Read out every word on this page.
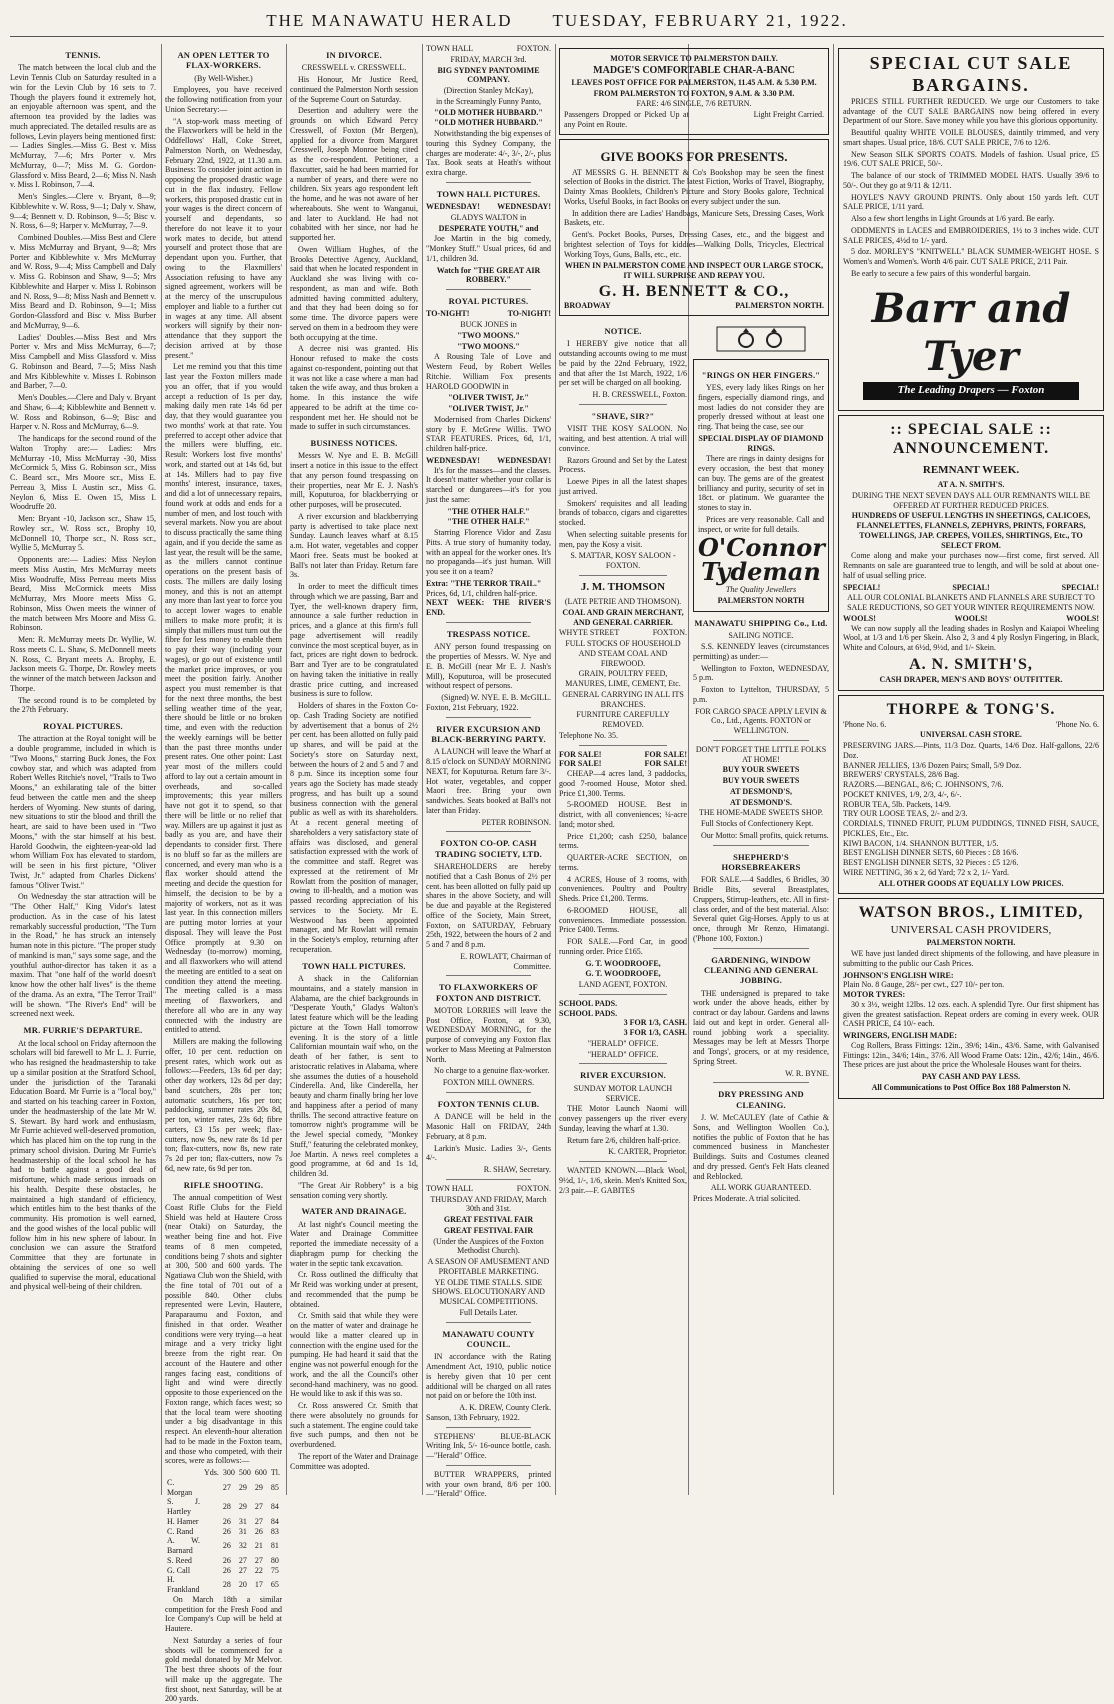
THE MANAWATU HERALD TUESDAY, FEBRUARY 21, 1922.
TENNIS.

The match between the local club and the Levin Tennis Club on Saturday resulted in a win for the Levin Club by 16 sets to 7. Though the players found it extremely hot, an enjoyable afternoon was spent, and the afternoon tea provided by the ladies was much appreciated. The detailed results are as follows, Levin players being mentioned first:— Ladies Singles.—Miss G. Best v. Miss McMurray, 7—6; Mrs Porter v. Mrs McMurray, 0—7; Miss M. G. Gordon-Glassford v. Miss Beard, 2—6; Miss N. Nash v. Miss I. Robinson, 7—4.

Men's Singles.—Clere v. Bryant, 8—9; Kibblewhite v. W. Ross, 9—1; Daly v. Shaw, 9—4; Bennett v. D. Robinson, 9—5; Bisc v. N. Ross, 6—9; Harper v. McMurray, 7—9.

Combined Doubles.—Miss Best and Clere v. Miss McMurray and Bryant, 9—8; Mrs Porter and Kibblewhite v. Mrs McMurray and W. Ross, 9—4; Miss Campbell and Daly v. Miss G. Robinson and Shaw, 9—5; Mrs Kibblewhite and Harper v. Miss I. Robinson and N. Ross, 9—8; Miss Nash and Bennett v. Miss Beard and D. Robinson, 9—1; Miss Gordon-Glassford and Bisc v. Miss Burber and McMurray, 9—6.

Ladies' Doubles.—Miss Best and Mrs Porter v. Mrs and Miss McMurray, 6—7; Miss Campbell and Miss Glassford v. Miss G. Robinson and Beard, 7—5; Miss Nash and Mrs Kibblewhite v. Misses I. Robinson and Barber, 7—0.

Men's Doubles.—Clere and Daly v. Bryant and Shaw, 6—4; Kibblewhite and Bennett v. W. Ross and Robinson, 6—9; Bisc and Harper v. N. Ross and McMurray, 6—9.

The handicaps for the second round of the Walton Trophy are:— Ladies: Mrs McMurray -10, Miss McMurray -30, Miss McCormick 5, Miss G. Robinson scr., Miss C. Beard scr., Mrs Moore scr., Miss E. Perreau 3, Miss I. Austin scr., Miss G. Neylon 6, Miss E. Owen 15, Miss I. Woodruffe 20.

Men: Bryant -10, Jackson scr., Shaw 15, Rowley scr., W. Ross scr., Brophy 10, McDonnell 10, Thorpe scr., N. Ross scr., Wyllie 5, McMurray 5.

Opponents are:— Ladies: Miss Neylon meets Miss Austin, Mrs McMurray meets Miss Woodruffe, Miss Perreau meets Miss Beard, Miss McCormick meets Miss McMurray, Mrs Moore meets Miss G. Robinson, Miss Owen meets the winner of the match between Mrs Moore and Miss G. Robinson.

Men: R. McMurray meets Dr. Wyllie, W. Ross meets C. L. Shaw, S. McDonnell meets N. Ross, C. Bryant meets A. Brophy, E. Jackson meets G. Thorpe, Dr. Rowley meets the winner of the match between Jackson and Thorpe.

The second round is to be completed by the 27th February.

ROYAL PICTURES.

The attraction at the Royal tonight will be a double programme, included in which is "Two Moons," starring Buck Jones, the Fox cowboy star, and which was adapted from Robert Welles Ritchie's novel, "Trails to Two Moons," an exhilarating tale of the bitter feud between the cattle men and the sheep herders of Wyoming. New stunts of daring, new situations to stir the blood and thrill the heart, are said to have been used in "Two Moons," with the star himself at his best. Harold Goodwin, the eighteen-year-old lad whom William Fox has elevated to stardom, will be seen in his first picture, "Oliver Twist, Jr." adapted from Charles Dickens' famous "Oliver Twist."

On Wednesday the star attraction will be "The Other Half," King Vidor's latest production. As in the case of his latest remarkably successful production, "The Turn in the Road," he has struck an intensely human note in this picture. "The proper study of mankind is man," says some sage, and the youthful author-director has taken it as a maxim. That "one half of the world doesn't know how the other half lives" is the theme of the drama. As an extra, "The Terror Trail" will be shown. "The River's End" will be screened next week.

MR. FURRIE'S DEPARTURE.

At the local school on Friday afternoon the scholars will bid farewell to Mr L. J. Furrie, who has resigned the headmastership to take up a similar position at the Stratford School, under the jurisdiction of the Taranaki Education Board. Mr Furrie is a "local boy," and started on his teaching career in Foxton, under the headmastership of the late Mr W. S. Stewart. By hard work and enthusiasm, Mr Furrie achieved well-deserved promotion, which has placed him on the top rung in the primary school division. During Mr Furrie's headmastership of the local school he has had to battle against a good deal of misfortune, which made serious inroads on his health. Despite these obstacles, he maintained a high standard of efficiency, which entitles him to the best thanks of the community. His promotion is well earned, and the good wishes of the local public will follow him in his new sphere of labour. In conclusion we can assure the Stratford Committee that they are fortunate in obtaining the services of one so well qualified to supervise the moral, educational and physical well-being of their children.

AN OPEN LETTER TO FLAX-WORKERS.
(By Well-Wisher.)

Employees, you have received the following notification from your Union Secretary:—

"A stop-work mass meeting of the Flaxworkers will be held in the Oddfellows' Hall, Coke Street, Palmerston North, on Wednesday, February 22nd, 1922, at 11.30 a.m. Business: To consider joint action in opposing the proposed drastic wage cut in the flax industry. Fellow workers, this proposed drastic cut in your wages is the direct concern of yourself and dependants, so therefore do not leave it to your work mates to decide, but attend yourself and protect those that are dependant upon you. Further, that owing to the Flaxmillers' Association refusing to have any signed agreement, workers will be at the mercy of the unscrupulous employer and liable to a further cut in wages at any time. All absent workers will signify by their non-attendance that they support the decision arrived at by those present."

Let me remind you that this time last year the Foxton millers made you an offer, that if you would accept a reduction of 1s per day, making daily men rate 14s 6d per day, that they would guarantee you two months' work at that rate. You preferred to accept other advice that the millers were bluffing, etc. Result: Workers lost five months' work, and started out at 14s 6d, but at 14s. Millers had to pay five months' interest, insurance, taxes, and did a lot of unnecessary repairs, found work at odds and ends for a number of men, and lost touch with several markets. Now you are about to discuss practically the same thing again, and if you decide the same as last year, the result will be the same, as the millers cannot continue operations on the present basis of costs. The millers are daily losing money, and this is not an attempt any more than last year to force you to accept lower wages to enable millers to make more profit; it is simply that millers must turn out the fibre for less money to enable them to pay their way (including your wages), or go out of existence until the market price improves, or you meet the position fairly. Another aspect you must remember is that for the next three months, the best selling weather time of the year, there should be little or no broken time, and even with the reduction the weekly earnings will be better than the past three months under present rates. One other point: Last year most of the millers could afford to lay out a certain amount in overheads, and so-called improvements; this year millers have not got it to spend, so that there will be little or no relief that way. Millers are up against it just as badly as you are, and have their dependants to consider first. There is no bluff so far as the millers are concerned, and every man who is a flax worker should attend the meeting and decide the question for himself, the decision to be by a majority of workers, not as it was last year. In this connection millers are putting motor lorries at your disposal. They will leave the Post Office promptly at 9.30 on Wednesday (to-morrow) morning, and all flaxworkers who will attend the meeting are entitled to a seat on condition they attend the meeting. The meeting called is a mass meeting of flaxworkers, and therefore all who are in any way connected with the industry are entitled to attend.

Millers are making the following offer, 10 per cent. reduction on present rates, which work out as follows:—Feeders, 13s 6d per day; other day workers, 12s 8d per day; band scutchers, 28s per ton; automatic scutchers, 16s per ton; paddocking, summer rates 20s 8d, per ton, winter rates, 23s 6d; fibre carters, £3 15s per week; flax-cutters, now 9s, new rate 8s 1d per ton; flax-cutters, now 8s, new rate 7s 2d per ton; flax-cutters, now 7s 6d, new rate, 6s 9d per ton.

RIFLE SHOOTING.

The annual competition of West Coast Rifle Clubs for the Field Shield was held at Hautere Cross (near Otaki) on Saturday, the weather being fine and hot. Five teams of 8 men competed, conditions being 7 shots and sighter at 300, 500 and 600 yards. The Ngatiawa Club won the Shield, with the fine total of 701 out of a possible 840. Other clubs represented were Levin, Hautere, Paraparaumu and Foxton, and finished in that order. Weather conditions were very trying—a heat mirage and a very tricky light breeze from the right rear. On account of the Hautere and other ranges facing east, conditions of light and wind were directly opposite to those experienced on the Foxton range, which faces west; so that the local team were shooting under a big disadvantage in this respect. An eleventh-hour alteration had to be made in the Foxton team, and those who competed, with their scores, were as follows:—

	Yds.	300	500	600	Tl.
C. Morgan		27	29	29	85
S. J. Hartley		28	29	27	84
H. Hamer		26	31	27	84
C. Rand		26	31	26	83
A. W. Barnard		26	32	21	81
S. Reed		26	27	27	80
G. Call		26	27	22	75
H. Frankland		28	20	17	65

On March 18th a similar competition for the Fresh Food and Ice Company's Cup will be held at Hautere.

Next Saturday a series of four shoots will be commenced for a gold medal donated by Mr Melvor. The best three shoots of the four will make up the aggregate. The first shoot, next Saturday, will be at 200 yards.

IN DIVORCE.
CRESSWELL v. CRESSWELL.

His Honour, Mr Justice Reed, continued the Palmerston North session of the Supreme Court on Saturday.

Desertion and adultery were the grounds on which Edward Percy Cresswell, of Foxton (Mr Bergen), applied for a divorce from Margaret Cresswell, Joseph Monroe being cited as the co-respondent. Petitioner, a flaxcutter, said he had been married for a number of years, and there were no children. Six years ago respondent left the home, and he was not aware of her whereabouts. She went to Wanganui, and later to Auckland. He had not cohabited with her since, nor had he supported her.

Owen William Hughes, of the Brooks Detective Agency, Auckland, said that when he located respondent in Auckland she was living with co-respondent, as man and wife. Both admitted having committed adultery, and that they had been doing so for some time. The divorce papers were served on them in a bedroom they were both occupying at the time.

A decree nisi was granted. His Honour refused to make the costs against co-respondent, pointing out that it was not like a case where a man had taken the wife away, and thus broken a home. In this instance the wife appeared to be adrift at the time co-respondent met her. He should not be made to suffer in such circumstances.

BUSINESS NOTICES.

Messrs W. Nye and E. B. McGill insert a notice in this issue to the effect that any person found trespassing on their properties, near Mr E. J. Nash's mill, Koputuroa, for blackberrying or other purposes, will be prosecuted.

A river excursion and blackberrying party is advertised to take place next Sunday. Launch leaves wharf at 8.15 a.m. Hot water, vegetables and copper Maori free. Seats must be booked at Ball's not later than Friday. Return fare 3s.

In order to meet the difficult times through which we are passing, Barr and Tyer, the well-known drapery firm, announce a sale further reduction in prices, and a glance at this firm's full page advertisement will readily convince the most sceptical buyer, as in fact, prices are right down to bedrock. Barr and Tyer are to be congratulated on having taken the initiative in really drastic price cutting, and increased business is sure to follow.

Holders of shares in the Foxton Co-op. Cash Trading Society are notified by advertisement that a bonus of 2½ per cent. has been allotted on fully paid up shares, and will be paid at the Society's store on Saturday next, between the hours of 2 and 5 and 7 and 8 p.m. Since its inception some four years ago the Society has made steady progress, and has built up a sound business connection with the general public as well as with its shareholders. At a recent general meeting of shareholders a very satisfactory state of affairs was disclosed, and general satisfaction expressed with the work of the committee and staff. Regret was expressed at the retirement of Mr Rowlatt from the position of manager, owing to ill-health, and a motion was passed recording appreciation of his services to the Society. Mr E. Westwood has been appointed manager, and Mr Rowlatt will remain in the Society's employ, returning after recuperation.

TOWN HALL PICTURES.

A shack in the Californian mountains, and a stately mansion in Alabama, are the chief backgrounds in "Desperate Youth," Gladys Walton's latest feature which will be the leading picture at the Town Hall tomorrow evening. It is the story of a little Californian mountain waif who, on the death of her father, is sent to aristocratic relatives in Alabama, where she assumes the duties of a household Cinderella. And, like Cinderella, her beauty and charm finally bring her love and happiness after a period of many thrills. The second attractive feature on tomorrow night's programme will be the Jewel special comedy, "Monkey Stuff," featuring the celebrated monkey, Joe Martin. A news reel completes a good programme, at 6d and 1s 1d, children 3d.

"The Great Air Robbery" is a big sensation coming very shortly.

WATER AND DRAINAGE.

At last night's Council meeting the Water and Drainage Committee reported the immediate necessity of a diaphragm pump for checking the water in the septic tank excavation.

Cr. Ross outlined the difficulty that Mr Reid was working under at present, and recommended that the pump be obtained.

Cr. Smith said that while they were on the matter of water and drainage he would like a matter cleared up in connection with the engine used for the pumping. He had heard it said that the engine was not powerful enough for the work, and the all the Council's other second-hand machinery, was no good. He would like to ask if this was so.

Cr. Ross answered Cr. Smith that there were absolutely no grounds for such a statement. The engine could take five such pumps, and then not be overburdened.

The report of the Water and Drainage Committee was adopted.

TOWN HALL	FOXTON.
FRIDAY, MARCH 3rd.
BIG SYDNEY PANTOMIME COMPANY.
(Direction Stanley McKay),
in the Screamingly Funny Panto,
"OLD MOTHER HUBBARD."
"OLD MOTHER HUBBARD."

Notwithstanding the big expenses of touring this Sydney Company, the charges are moderate: 4/-, 3/-, 2/-, plus Tax. Book seats at Heath's without extra charge.

TOWN HALL PICTURES.
WEDNESDAY! WEDNESDAY!
GLADYS WALTON in
DESPERATE YOUTH," and

Joe Martin in the big comedy, "Monkey Stuff." Usual prices, 6d and 1/1, children 3d.

Watch for "THE GREAT AIR ROBBERY."
ROYAL PICTURES.
TO-NIGHT!	TO-NIGHT!
BUCK JONES in
"TWO MOONS."
"TWO MOONS."

A Rousing Tale of Love and Western Feud, by Robert Welles Ritchie. William Fox presents HAROLD GOODWIN in

"OLIVER TWIST, Jr."
"OLIVER TWIST, Jr."

Modernised from Charles Dickens' story by F. McGrew Willis. TWO STAR FEATURES. Prices, 6d, 1/1, children half-price.

WEDNESDAY! WEDNESDAY!

It's for the masses—and the classes. It doesn't matter whether your collar is starched or dungarees—it's for you just the same:

"THE OTHER HALF."
"THE OTHER HALF."

Starring Florence Vidor and Zasu Pitts. A true story of humanity today, with an appeal for the worker ones. It's no propaganda—it's just human. Will you see it on a team?

Extra: "THE TERROR TRAIL."
Prices, 6d, 1/1, children half-price.
NEXT WEEK: THE RIVER'S END.
TRESPASS NOTICE.

ANY person found trespassing on the properties of Messrs. W. Nye and E. B. McGill (near Mr E. J. Nash's Mill), Koputuroa, will be prosecuted without respect of persons.

(Signed) W. NYE. E. B. McGILL.
Foxton, 21st February, 1922.
RIVER EXCURSION AND BLACK-BERRYING PARTY.

A LAUNCH will leave the Wharf at 8.15 o'clock on SUNDAY MORNING NEXT, for Koputuroa. Return fare 3/-. Hot water, vegetables, and copper Maori free. Bring your own sandwiches. Seats booked at Ball's not later than Friday.

PETER ROBINSON.
FOXTON CO-OP. CASH TRADING SOCIETY, LTD.

SHAREHOLDERS are hereby notified that a Cash Bonus of 2½ per cent. has been allotted on fully paid up shares in the above Society, and will be due and payable at the Registered office of the Society, Main Street, Foxton, on SATURDAY, February 25th, 1922, between the hours of 2 and 5 and 7 and 8 p.m.

E. ROWLATT, Chairman of Committee.
TO FLAXWORKERS OF FOXTON AND DISTRICT.

MOTOR LORRIES will leave the Post Office, Foxton, at 9.30, WEDNESDAY MORNING, for the purpose of conveying any Foxton flax worker to Mass Meeting at Palmerston North.

No charge to a genuine flax-worker.

FOXTON MILL OWNERS.
FOXTON TENNIS CLUB.

A DANCE will be held in the Masonic Hall on FRIDAY, 24th February, at 8 p.m.

Larkin's Music. Ladies 3/-, Gents 4/-.

R. SHAW, Secretary.
TOWN HALL	FOXTON.
THURSDAY AND FRIDAY, March 30th and 31st.
GREAT FESTIVAL FAIR
GREAT FESTIVAL FAIR
(Under the Auspices of the Foxton Methodist Church).
A SEASON OF AMUSEMENT AND PROFITABLE MARKETING.
YE OLDE TIME STALLS. SIDE SHOWS. ELOCUTIONARY AND MUSICAL COMPETITIONS.
Full Details Later.
MANAWATU COUNTY COUNCIL.

IN accordance with the Rating Amendment Act, 1910, public notice is hereby given that 10 per cent additional will be charged on all rates not paid on or before the 10th inst.

A. K. DREW, County Clerk.
Sanson, 13th February, 1922.

STEPHENS' BLUE-BLACK Writing Ink, 5/- 16-ounce bottle, cash.—"Herald" Office.

BUTTER WRAPPERS, printed with your own brand, 8/6 per 100.—"Herald" Office.

MOTOR SERVICE TO PALMERSTON DAILY.
MADGE'S COMFORTABLE CHAR-A-BANC
LEAVES POST OFFICE FOR PALMERSTON, 11.45 A.M. & 5.30 P.M.
FROM PALMERSTON TO FOXTON, 9 A.M. & 3.30 P.M.
FARE: 4/6 SINGLE, 7/6 RETURN.
Passengers Dropped or Picked Up at any Point en Route.
Light Freight Carried.
GIVE BOOKS FOR PRESENTS.

AT MESSRS G. H. BENNETT & Co's Bookshop may be seen the finest selection of Books in the district. The latest Fiction, Works of Travel, Biography, Dainty Xmas Booklets, Children's Picture and Story Books galore, Technical Works, Useful Books, in fact Books on every subject under the sun.

In addition there are Ladies' Handbags, Manicure Sets, Dressing Cases, Work Baskets, etc.

Gent's. Pocket Books, Purses, Dressing Cases, etc., and the biggest and brightest selection of Toys for kiddies—Walking Dolls, Tricycles, Electrical Working Toys, Guns, Balls, etc., etc.

WHEN IN PALMERSTON COME AND INSPECT OUR LARGE STOCK, IT WILL SURPRISE AND REPAY YOU.
G. H. BENNETT & CO.,
BROADWAY	PALMERSTON NORTH.
NOTICE.

I HEREBY give notice that all outstanding accounts owing to me must be paid by the 22nd February, 1922, and that after the 1st March, 1922, 1/6 per set will be charged on all booking.

H. B. CRESSWELL, Foxton.
"SHAVE, SIR?"

VISIT THE KOSY SALOON. No waiting, and best attention. A trial will convince.

Razors Ground and Set by the Latest Process.

Loewe Pipes in all the latest shapes just arrived.

Smokers' requisites and all leading brands of tobacco, cigars and cigarettes stocked.

When selecting suitable presents for men, pay the Kosy a visit.

S. MATTAR, KOSY SALOON - FOXTON.
J. M. THOMSON
(LATE PETRIE AND THOMSON).
COAL AND GRAIN MERCHANT, AND GENERAL CARRIER.
WHYTE STREET	FOXTON.
FULL STOCKS OF HOUSEHOLD AND STEAM COAL AND FIREWOOD.
GRAIN, POULTRY FEED, MANURES, LIME, CEMENT, Etc.
GENERAL CARRYING IN ALL ITS BRANCHES.
FURNITURE CAREFULLY REMOVED.
Telephone No. 35.
FOR SALE!	FOR SALE!
FOR SALE!	FOR SALE!

CHEAP—4 acres land, 3 paddocks, good 7-roomed House, Motor shed. Price £1,300. Terms.

5-ROOMED HOUSE. Best in district, with all conveniences; ¼-acre land; motor shed.

Price £1,200; cash £250, balance terms.

QUARTER-ACRE SECTION, on terms.

4 ACRES, House of 3 rooms, with conveniences. Poultry and Poultry Sheds. Price £1,200. Terms.

6-ROOMED HOUSE, all conveniences. Immediate possession. Price £400. Terms.

FOR SALE.—Ford Car, in good running order. Price £165.

G. T. WOODROOFE,
G. T. WOODROOFE,
LAND AGENT, FOXTON.
SCHOOL PADS.
SCHOOL PADS.
3 FOR 1/3, CASH.
3 FOR 1/3, CASH.
"HERALD" OFFICE.
"HERALD" OFFICE.
RIVER EXCURSION.
SUNDAY MOTOR LAUNCH SERVICE.

THE Motor Launch Naomi will convey passengers up the river every Sunday, leaving the wharf at 1.30.

Return fare 2/6, children half-price.

K. CARTER, Proprietor.

WANTED KNOWN.—Black Wool, 9½d, 1/-, 1/6, skein. Men's Knitted Sox, 2/3 pair.—F. GABITES

"RINGS ON HER FINGERS."

YES, every lady likes Rings on her fingers, especially diamond rings, and most ladies do not consider they are properly dressed without at least one ring. That being the case, see our

SPECIAL DISPLAY OF DIAMOND RINGS.

There are rings in dainty designs for every occasion, the best that money can buy. The gems are of the greatest brilliancy and purity, security of set in 18ct. or platinum. We guarantee the stones to stay in.

Prices are very reasonable. Call and inspect, or write for full details.

O'Connor
Tydeman
The Quality Jewellers
PALMERSTON NORTH
MANAWATU SHIPPING Co., Ltd.
SAILING NOTICE.

S.S. KENNEDY leaves (circumstances permitting) as under:—

Wellington to Foxton, WEDNESDAY, 5 p.m.

Foxton to Lyttelton, THURSDAY, 5 p.m.

FOR CARGO SPACE APPLY LEVIN & Co., Ltd., Agents. FOXTON or WELLINGTON.
DON'T FORGET THE LITTLE FOLKS AT HOME!
BUY YOUR SWEETS
BUY YOUR SWEETS
AT DESMOND'S,
AT DESMOND'S.
THE HOME-MADE SWEETS SHOP.

Full Stocks of Confectionery Kept.

Our Motto: Small profits, quick returns.

SHEPHERD'S HORSEBREAKERS

FOR SALE.—4 Saddles, 6 Bridles, 30 Bridle Bits, several Breastplates, Cruppers, Stirrup-leathers, etc. All in first-class order, and of the best material. Also: Several quiet Gig-Horses. Apply to us at once, through Mr Renzo, Himatangi. ('Phone 100, Foxton.)

GARDENING, WINDOW CLEANING AND GENERAL JOBBING.

THE undersigned is prepared to take work under the above heads, either by contract or day labour. Gardens and lawns laid out and kept in order. General all-round jobbing work a speciality. Messages may be left at Messrs Thorpe and Tongs', grocers, or at my residence, Spring Street.

W. R. BYNE.
DRY PRESSING AND CLEANING.

J. W. McCAULEY (late of Cathie & Sons, and Wellington Woollen Co.), notifies the public of Foxton that he has commenced business in Manchester Buildings. Suits and Costumes cleaned and dry pressed. Gent's Felt Hats cleaned and Reblocked.

ALL WORK GUARANTEED.
Prices Moderate. A trial solicited.
SPECIAL CUT SALE
BARGAINS.

PRICES STILL FURTHER REDUCED. We urge our Customers to take advantage of the CUT SALE BARGAINS now being offered in every Department of our Store. Save money while you have this glorious opportunity.

Beautiful quality WHITE VOILE BLOUSES, daintily trimmed, and very smart shapes. Usual price, 18/6. CUT SALE PRICE, 7/6 to 12/6.

New Season SILK SPORTS COATS. Models of fashion. Usual price, £5 19/6. CUT SALE PRICE, 50/-.

The balance of our stock of TRIMMED MODEL HATS. Usually 39/6 to 50/-. Out they go at 9/11 & 12/11.

HOYLE'S NAVY GROUND PRINTS. Only about 150 yards left. CUT SALE PRICE, 1/11 yard.

Also a few short lengths in Light Grounds at 1/6 yard. Be early.

ODDMENTS in LACES and EMBROIDERIES, 1½ to 3 inches wide. CUT SALE PRICES, 4½d to 1/- yard.

5 doz. MORLEY'S "KNITWELL" BLACK SUMMER-WEIGHT HOSE. S Women's and Women's. Worth 4/6 pair. CUT SALE PRICE, 2/11 Pair.

Be early to secure a few pairs of this wonderful bargain.

Barr and Tyer
The Leading Drapers — Foxton
:: SPECIAL SALE ::
ANNOUNCEMENT.
REMNANT WEEK.
AT A. N. SMITH'S.
DURING THE NEXT SEVEN DAYS ALL OUR REMNANTS WILL BE OFFERED AT FURTHER REDUCED PRICES.
HUNDREDS OF USEFUL LENGTHS IN SHEETINGS, CALICOES, FLANNELETTES, FLANNELS, ZEPHYRS, PRINTS, FORFARS, TOWELLINGS, JAP. CREPES, VOILES, SHIRTINGS, Etc., TO SELECT FROM.

Come along and make your purchases now—first come, first served. All Remnants on sale are guaranteed true to length, and will be sold at about one-half of usual selling price.

SPECIAL!	SPECIAL!	SPECIAL!
ALL OUR COLONIAL BLANKETS AND FLANNELS ARE SUBJECT TO SALE REDUCTIONS, SO GET YOUR WINTER REQUIREMENTS NOW.
WOOLS!	WOOLS!	WOOLS!

We can now supply all the leading shades in Roslyn and Kaiapoi Wheeling Wool, at 1/3 and 1/6 per Skein. Also 2, 3 and 4 ply Roslyn Fingering, in Black, White and Colours, at 6½d, 9½d, and 1/- Skein.

A. N. SMITH'S,
CASH DRAPER, MEN'S AND BOYS' OUTFITTER.
THORPE & TONG'S.
'Phone No. 6.	'Phone No. 6.
UNIVERSAL CASH STORE.
PRESERVING JARS.—Pints, 11/3 Doz. Quarts, 14/6 Doz. Half-gallons, 22/6 Doz.
BANNER JELLIES, 13/6 Dozen Pairs; Small, 5/9 Doz.
BREWERS' CRYSTALS, 28/6 Bag.
RAZORS.—BENGAL, 8/6; C. JOHNSON'S, 7/6.
POCKET KNIVES, 1/9, 2/3, 4/-, 6/-.
ROBUR TEA, 5lb. Packets, 14/9.
TRY OUR LOOSE TEAS, 2/- and 2/3.
CORDIALS, TINNED FRUIT, PLUM PUDDINGS, TINNED FISH, SAUCE, PICKLES, Etc., Etc.
KIWI BACON, 1/4. SHANNON BUTTER, 1/5.
BEST ENGLISH DINNER SETS, 60 Pieces : £8 16/6.
BEST ENGLISH DINNER SETS, 32 Pieces : £5 12/6.
WIRE NETTING, 36 x 2, 6d Yard; 72 x 2, 1/- Yard.
ALL OTHER GOODS AT EQUALLY LOW PRICES.
WATSON BROS., LIMITED,
UNIVERSAL CASH PROVIDERS,
PALMERSTON NORTH.

WE have just landed direct shipments of the following, and have pleasure in submitting to the public our Cash Prices.

JOHNSON'S ENGLISH WIRE:
Plain No. 8 Gauge, 28/- per cwt., £27 10/- per ton.
MOTOR TYRES:

30 x 3½, weight 12lbs. 12 ozs. each. A splendid Tyre. Our first shipment has given the greatest satisfaction. Repeat orders are coming in every week. OUR CASH PRICE, £4 10/- each.

WRINGERS, ENGLISH MADE:

Cog Rollers, Brass Fittings: 12in., 39/6; 14in., 43/6. Same, with Galvanised Fittings: 12in., 34/6; 14in., 37/6. All Wood Frame Oats: 12in., 42/6; 14in., 46/6. These prices are just about the price the Wholesale Houses want for theirs.

PAY CASH AND PAY LESS.
All Communications to Post Office Box 188 Palmerston N.
